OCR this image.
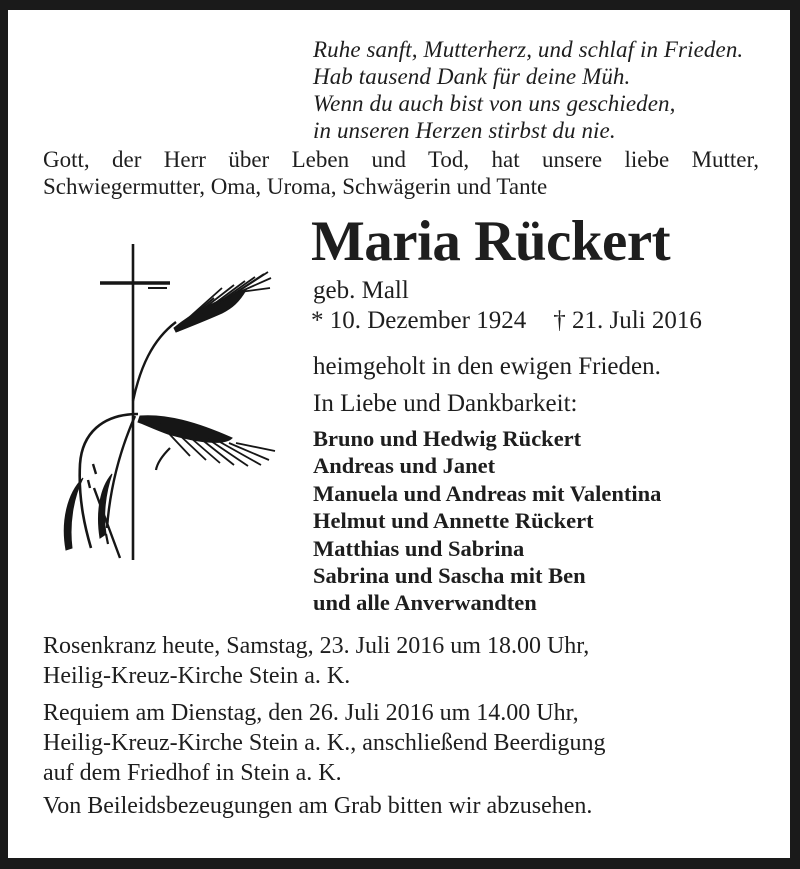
Ruhe sanft, Mutterherz, und schlaf in Frieden.
Hab tausend Dank für deine Müh.
Wenn du auch bist von uns geschieden,
in unseren Herzen stirbst du nie.
Gott, der Herr über Leben und Tod, hat unsere liebe Mutter,
Schwiegermutter, Oma, Uroma, Schwägerin und Tante
Maria Rückert
geb. Mall
* 10. Dezember 1924 † 21. Juli 2016
heimgeholt in den ewigen Frieden.
In Liebe und Dankbarkeit:
Bruno und Hedwig Rückert
Andreas und Janet
Manuela und Andreas mit Valentina
Helmut und Annette Rückert
Matthias und Sabrina
Sabrina und Sascha mit Ben
und alle Anverwandten
Rosenkranz heute, Samstag, 23. Juli 2016 um 18.00 Uhr,
Heilig-Kreuz-Kirche Stein a. K.
Requiem am Dienstag, den 26. Juli 2016 um 14.00 Uhr,
Heilig-Kreuz-Kirche Stein a. K., anschließend Beerdigung
auf dem Friedhof in Stein a. K.
Von Beileidsbezeugungen am Grab bitten wir abzusehen.
